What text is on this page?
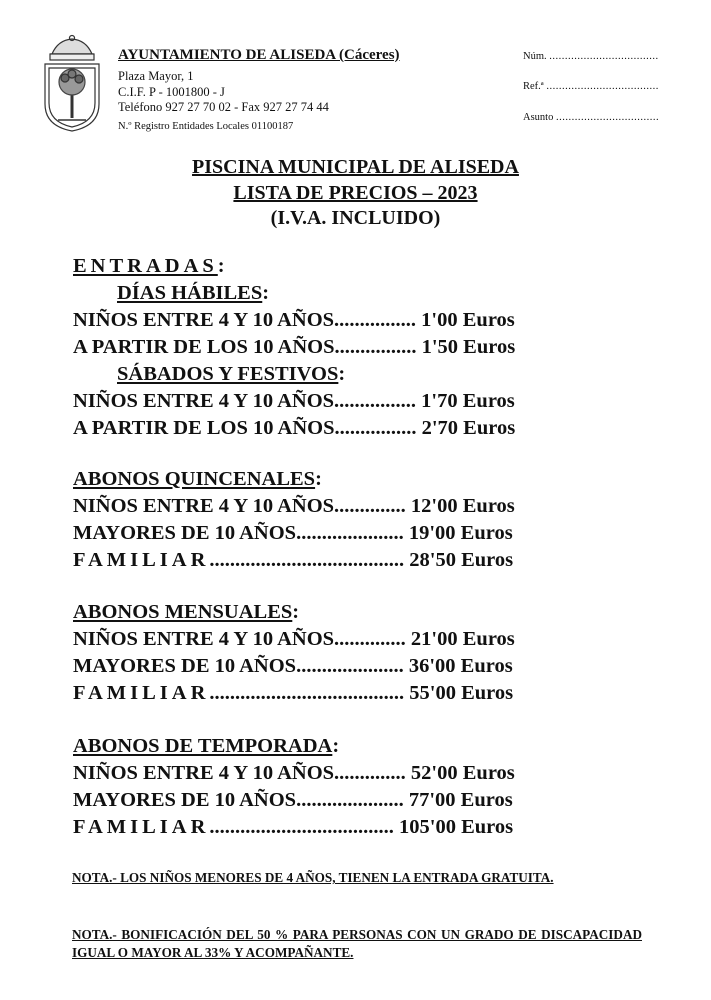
AYUNTAMIENTO DE ALISEDA (Cáceres)
Plaza Mayor, 1
C.I.F. P - 1001800 - J
Teléfono 927 27 70 02 - Fax 927 27 74 44
N.º Registro Entidades Locales 01100187
Núm. ...................................
Ref.ª ....................................
Asunto .................................
PISCINA MUNICIPAL DE ALISEDA
LISTA DE PRECIOS – 2023
(I.V.A. INCLUIDO)
ENTRADAS:
DÍAS HÁBILES:
NIÑOS ENTRE 4 Y 10 AÑOS................ 1'00 Euros
A PARTIR DE LOS 10 AÑOS................ 1'50 Euros
SÁBADOS Y FESTIVOS:
NIÑOS ENTRE 4 Y 10 AÑOS................ 1'70 Euros
A PARTIR DE LOS 10 AÑOS................ 2'70 Euros
ABONOS QUINCENALES:
NIÑOS ENTRE 4 Y 10 AÑOS.............. 12'00 Euros
MAYORES DE 10 AÑOS..................... 19'00 Euros
FAMILIAR...................................... 28'50 Euros
ABONOS MENSUALES:
NIÑOS ENTRE 4 Y 10 AÑOS.............. 21'00 Euros
MAYORES DE 10 AÑOS..................... 36'00 Euros
FAMILIAR...................................... 55'00 Euros
ABONOS DE TEMPORADA:
NIÑOS ENTRE 4 Y 10 AÑOS.............. 52'00 Euros
MAYORES DE 10 AÑOS..................... 77'00 Euros
FAMILIAR.................................... 105'00 Euros
NOTA.- LOS NIÑOS MENORES DE 4 AÑOS, TIENEN LA ENTRADA GRATUITA.
NOTA.- BONIFICACIÓN DEL 50 % PARA PERSONAS CON UN GRADO DE DISCAPACIDAD IGUAL O MAYOR AL 33% Y ACOMPAÑANTE.
